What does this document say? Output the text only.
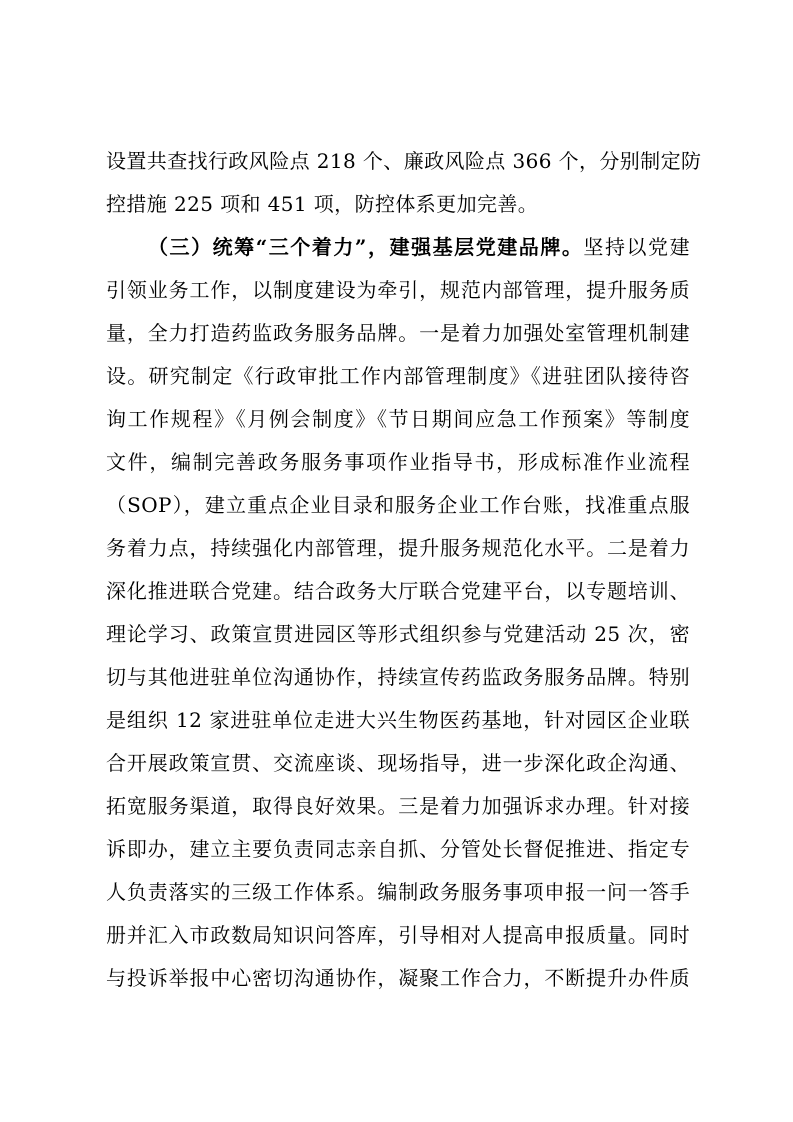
设置共查找行政风险点 218 个、廉政风险点 366 个，分别制定防
控措施 225 项和 451 项，防控体系更加完善。
（三）统筹“三个着力”，建强基层党建品牌。坚持以党建
引领业务工作，以制度建设为牵引，规范内部管理，提升服务质
量，全力打造药监政务服务品牌。一是着力加强处室管理机制建
设。研究制定《行政审批工作内部管理制度》《进驻团队接待咨
询工作规程》《月例会制度》《节日期间应急工作预案》等制度
文件，编制完善政务服务事项作业指导书，形成标准作业流程
（SOP），建立重点企业目录和服务企业工作台账，找准重点服
务着力点，持续强化内部管理，提升服务规范化水平。二是着力
深化推进联合党建。结合政务大厅联合党建平台，以专题培训、
理论学习、政策宣贯进园区等形式组织参与党建活动 25 次，密
切与其他进驻单位沟通协作，持续宣传药监政务服务品牌。特别
是组织 12 家进驻单位走进大兴生物医药基地，针对园区企业联
合开展政策宣贯、交流座谈、现场指导，进一步深化政企沟通、
拓宽服务渠道，取得良好效果。三是着力加强诉求办理。针对接
诉即办，建立主要负责同志亲自抓、分管处长督促推进、指定专
人负责落实的三级工作体系。编制政务服务事项申报一问一答手
册并汇入市政数局知识问答库，引导相对人提高申报质量。同时
与投诉举报中心密切沟通协作，凝聚工作合力，不断提升办件质
